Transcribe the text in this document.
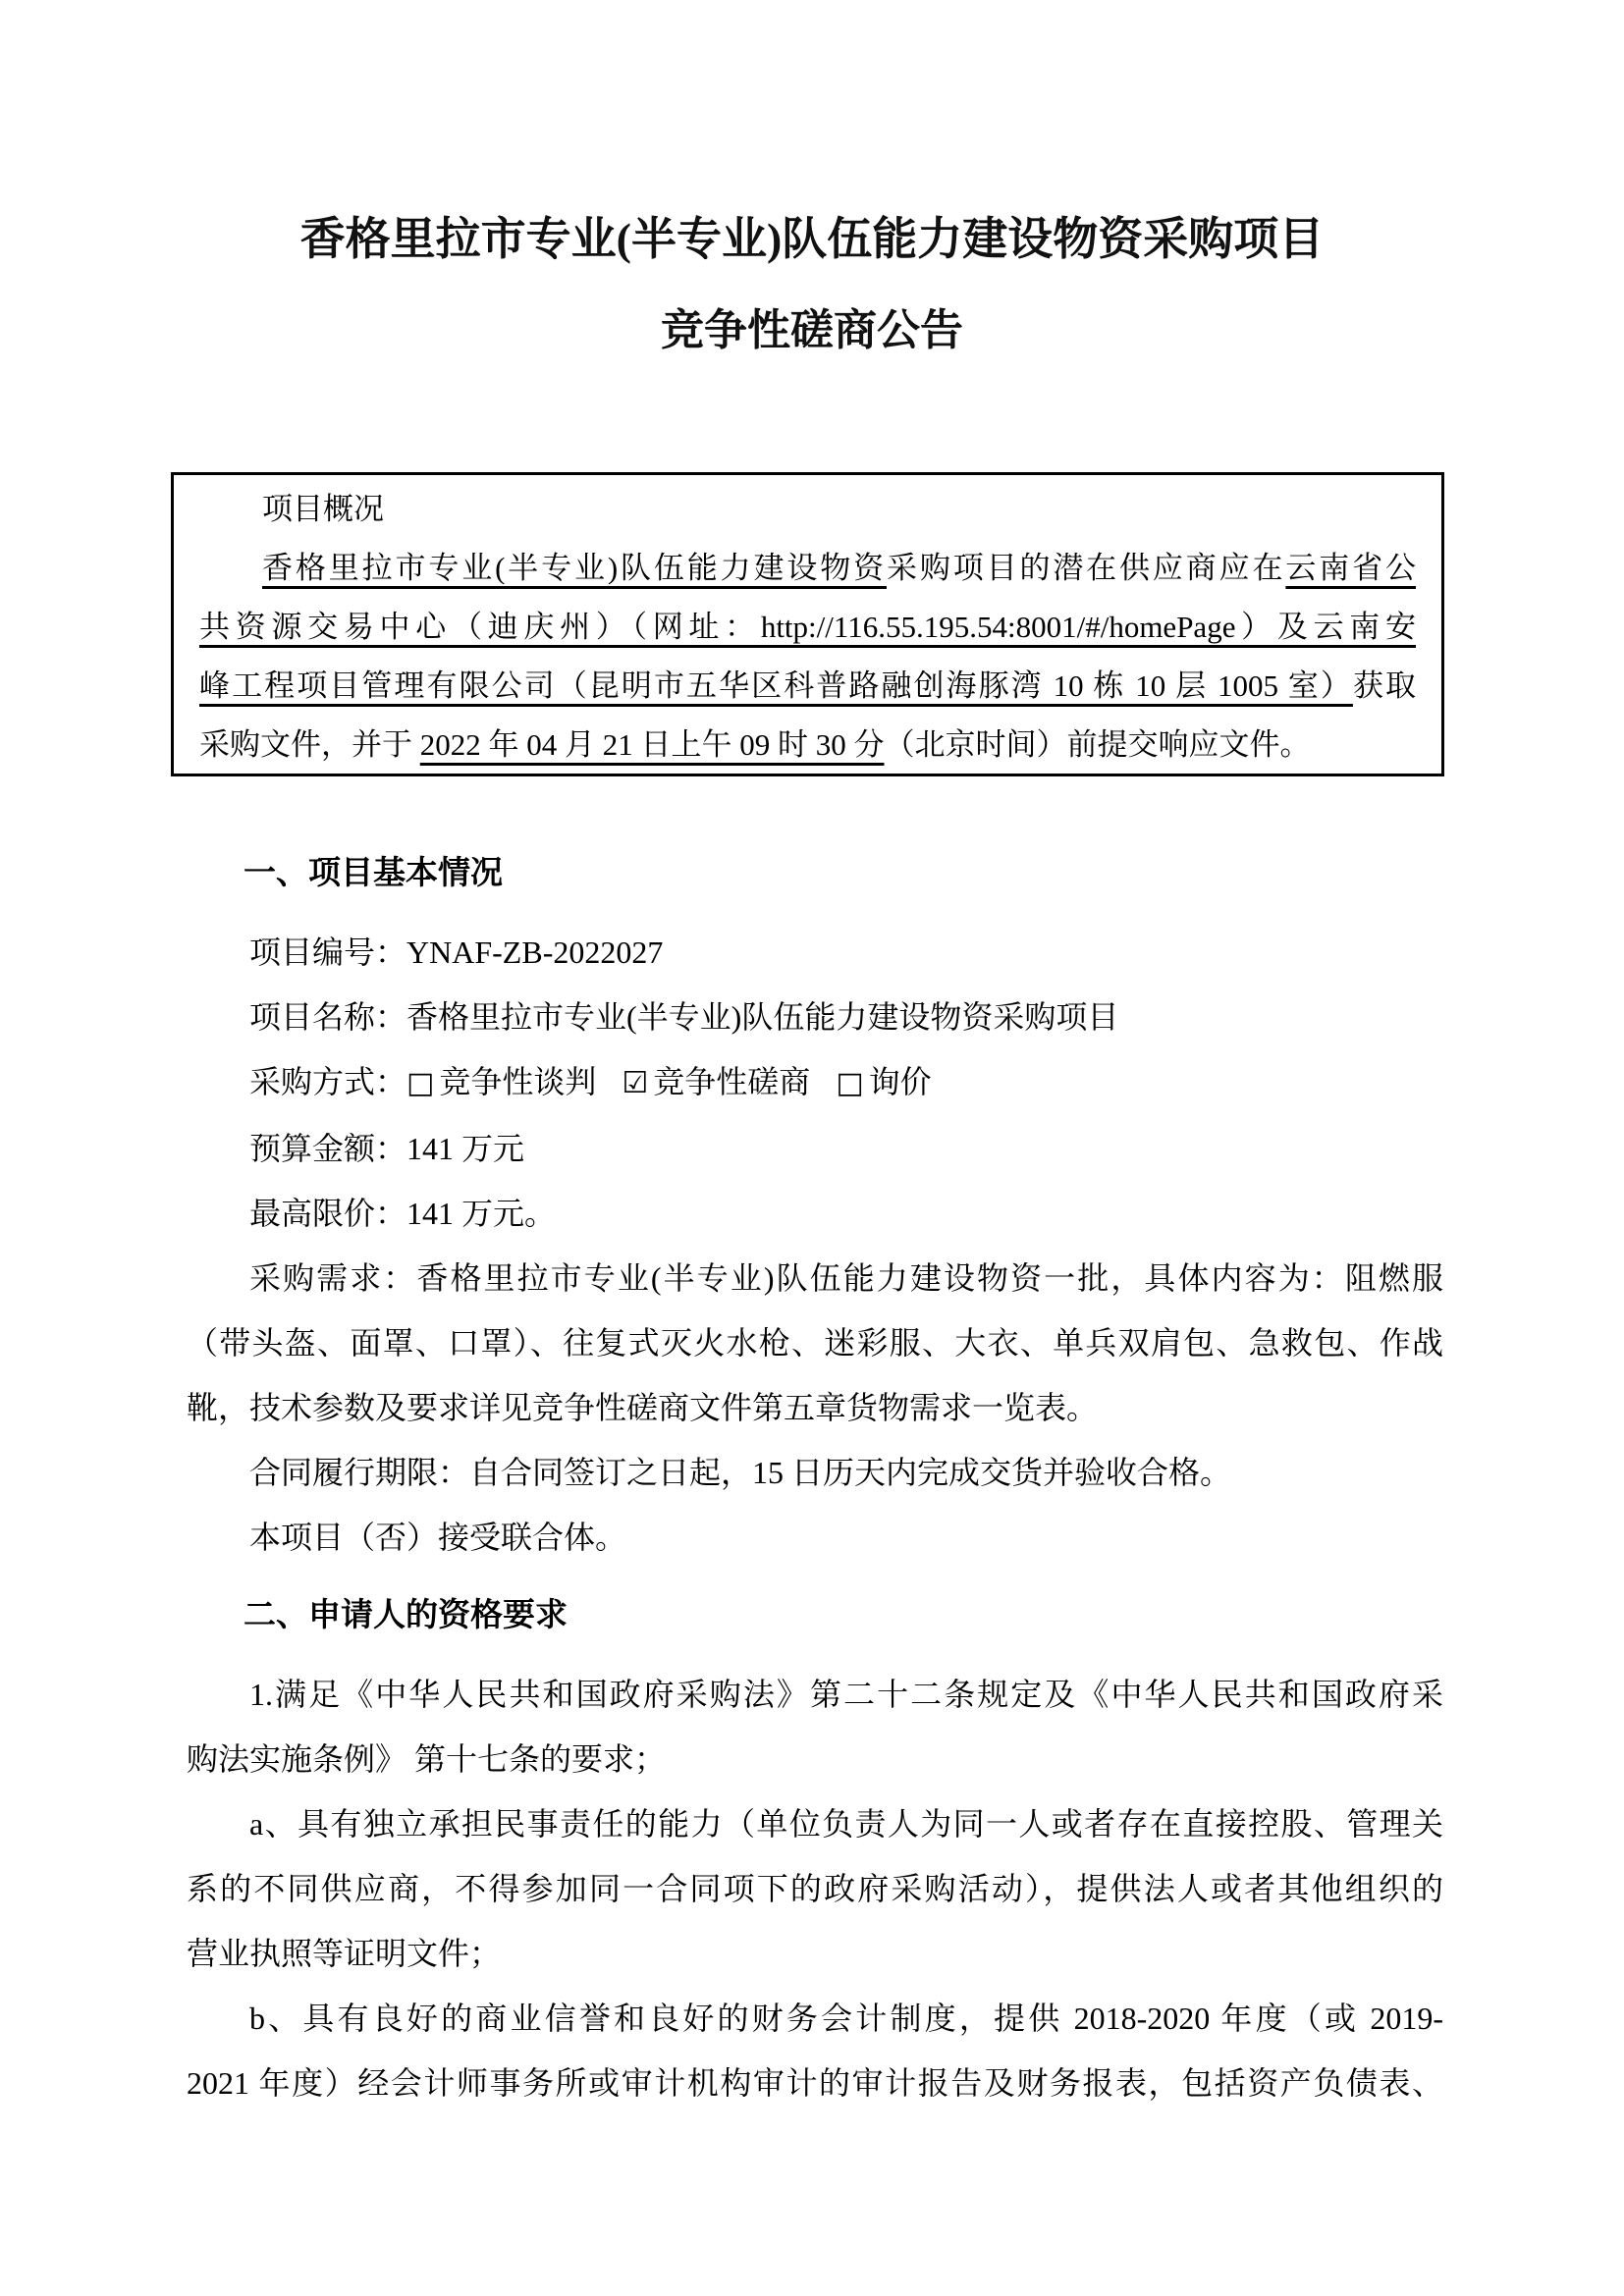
香格里拉市专业(半专业)队伍能力建设物资采购项目
竞争性磋商公告
项目概况
香格里拉市专业(半专业)队伍能力建设物资采购项目的潜在供应商应在云南省公
共资源交易中心（迪庆州）（网址：http://116.55.195.54:8001/#/homePage）及云南安
峰工程项目管理有限公司（昆明市五华区科普路融创海豚湾 10 栋 10 层 1005 室）获取
采购文件，并于 2022 年 04 月 21 日上午 09 时 30 分（北京时间）前提交响应文件。
一、项目基本情况
项目编号：YNAF-ZB-2022027
项目名称：香格里拉市专业(半专业)队伍能力建设物资采购项目
采购方式：□ 竞争性谈判 ☑ 竞争性磋商 □ 询价
预算金额：141 万元
最高限价：141 万元。
采购需求：香格里拉市专业(半专业)队伍能力建设物资一批，具体内容为：阻燃服
（带头盔、面罩、口罩）、往复式灭火水枪、迷彩服、大衣、单兵双肩包、急救包、作战
靴，技术参数及要求详见竞争性磋商文件第五章货物需求一览表。
合同履行期限：自合同签订之日起，15 日历天内完成交货并验收合格。
本项目（否）接受联合体。
二、申请人的资格要求
1.满足《中华人民共和国政府采购法》第二十二条规定及《中华人民共和国政府采
购法实施条例》 第十七条的要求；
a、具有独立承担民事责任的能力（单位负责人为同一人或者存在直接控股、管理关
系的不同供应商，不得参加同一合同项下的政府采购活动），提供法人或者其他组织的
营业执照等证明文件；
b、具有良好的商业信誉和良好的财务会计制度，提供 2018-2020 年度（或 2019-
2021 年度）经会计师事务所或审计机构审计的审计报告及财务报表，包括资产负债表、
